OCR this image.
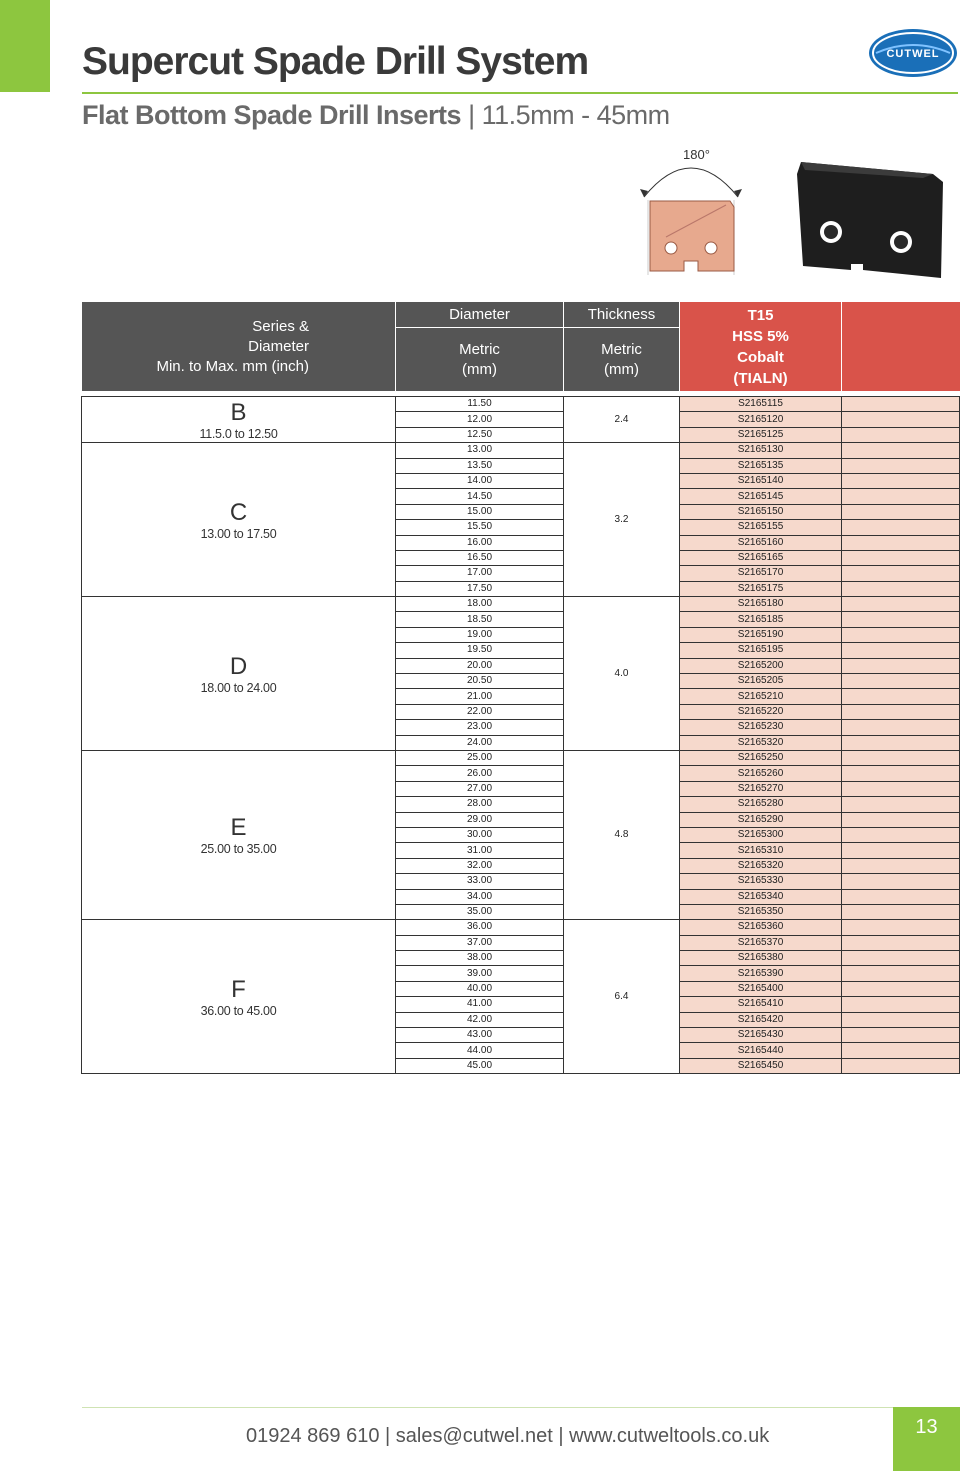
Supercut Spade Drill System
Flat Bottom Spade Drill Inserts | 11.5mm - 45mm
CUTWEL
180°
Series &
Diameter
Min. to Max. mm (inch)	Diameter	Thickness	T15
HSS 5%
Cobalt
(TIALN)	
	Metric
(mm)	Metric
(mm)		

B
11.5.0 to 12.50	11.50	2.4	S2165115	
	12.00		S2165120	
	12.50		S2165125	

C
13.00 to 17.50	13.00	3.2	S2165130	
	13.50		S2165135	
	14.00		S2165140	
	14.50		S2165145	
	15.00		S2165150	
	15.50		S2165155	
	16.00		S2165160	
	16.50		S2165165	
	17.00		S2165170	
	17.50		S2165175	

D
18.00 to 24.00	18.00	4.0	S2165180	
	18.50		S2165185	
	19.00		S2165190	
	19.50		S2165195	
	20.00		S2165200	
	20.50		S2165205	
	21.00		S2165210	
	22.00		S2165220	
	23.00		S2165230	
	24.00		S2165320	

E
25.00 to 35.00	25.00	4.8	S2165250	
	26.00		S2165260	
	27.00		S2165270	
	28.00		S2165280	
	29.00		S2165290	
	30.00		S2165300	
	31.00		S2165310	
	32.00		S2165320	
	33.00		S2165330	
	34.00		S2165340	
	35.00		S2165350	

F
36.00 to 45.00	36.00	6.4	S2165360	
	37.00		S2165370	
	38.00		S2165380	
	39.00		S2165390	
	40.00		S2165400	
	41.00		S2165410	
	42.00		S2165420	
	43.00		S2165430	
	44.00		S2165440	
	45.00		S2165450	
01924 869 610 | sales@cutwel.net | www.cutweltools.co.uk	13
